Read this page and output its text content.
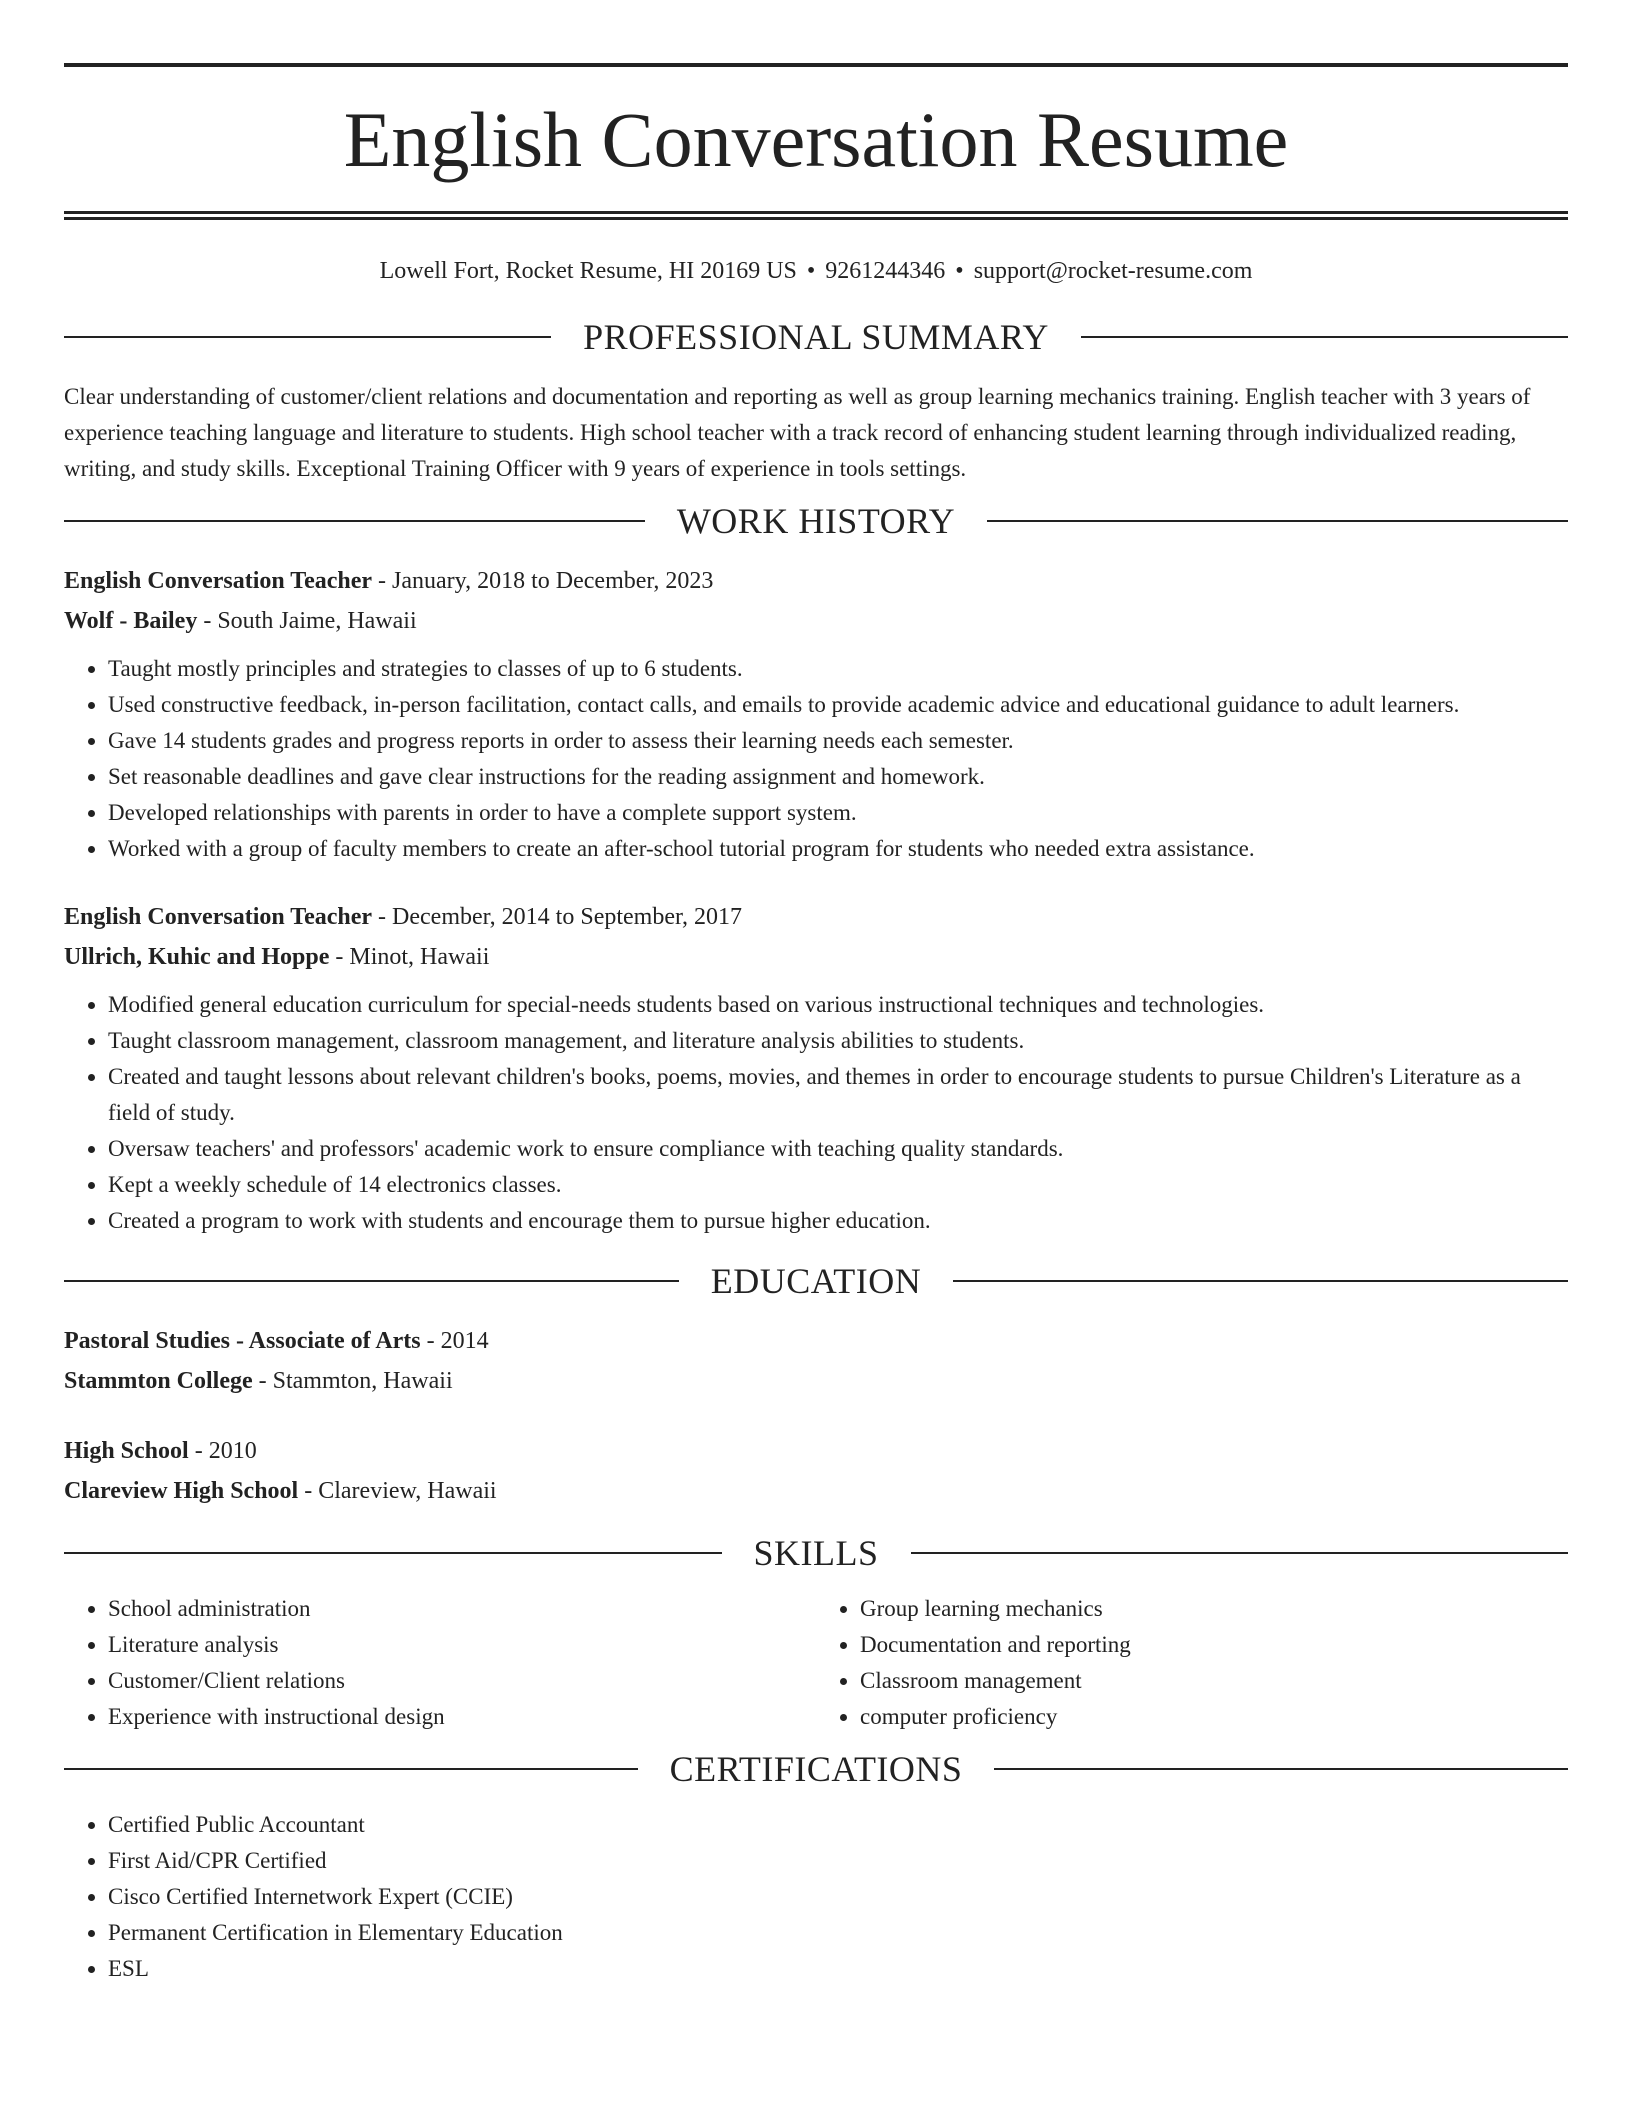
English Conversation Resume
Lowell Fort, Rocket Resume, HI 20169 US • 9261244346 • support@rocket-resume.com
PROFESSIONAL SUMMARY
Clear understanding of customer/client relations and documentation and reporting as well as group learning mechanics training. English teacher with 3 years of experience teaching language and literature to students. High school teacher with a track record of enhancing student learning through individualized reading, writing, and study skills. Exceptional Training Officer with 9 years of experience in tools settings.
WORK HISTORY
English Conversation Teacher - January, 2018 to December, 2023
Wolf - Bailey - South Jaime, Hawaii
• Taught mostly principles and strategies to classes of up to 6 students.
• Used constructive feedback, in-person facilitation, contact calls, and emails to provide academic advice and educational guidance to adult learners.
• Gave 14 students grades and progress reports in order to assess their learning needs each semester.
• Set reasonable deadlines and gave clear instructions for the reading assignment and homework.
• Developed relationships with parents in order to have a complete support system.
• Worked with a group of faculty members to create an after-school tutorial program for students who needed extra assistance.
English Conversation Teacher - December, 2014 to September, 2017
Ullrich, Kuhic and Hoppe - Minot, Hawaii
• Modified general education curriculum for special-needs students based on various instructional techniques and technologies.
• Taught classroom management, classroom management, and literature analysis abilities to students.
• Created and taught lessons about relevant children's books, poems, movies, and themes in order to encourage students to pursue Children's Literature as a field of study.
• Oversaw teachers' and professors' academic work to ensure compliance with teaching quality standards.
• Kept a weekly schedule of 14 electronics classes.
• Created a program to work with students and encourage them to pursue higher education.
EDUCATION
Pastoral Studies - Associate of Arts - 2014
Stammton College - Stammton, Hawaii
High School - 2010
Clareview High School - Clareview, Hawaii
SKILLS
• School administration
• Literature analysis
• Customer/Client relations
• Experience with instructional design
• Group learning mechanics
• Documentation and reporting
• Classroom management
• computer proficiency
CERTIFICATIONS
• Certified Public Accountant
• First Aid/CPR Certified
• Cisco Certified Internetwork Expert (CCIE)
• Permanent Certification in Elementary Education
• ESL
